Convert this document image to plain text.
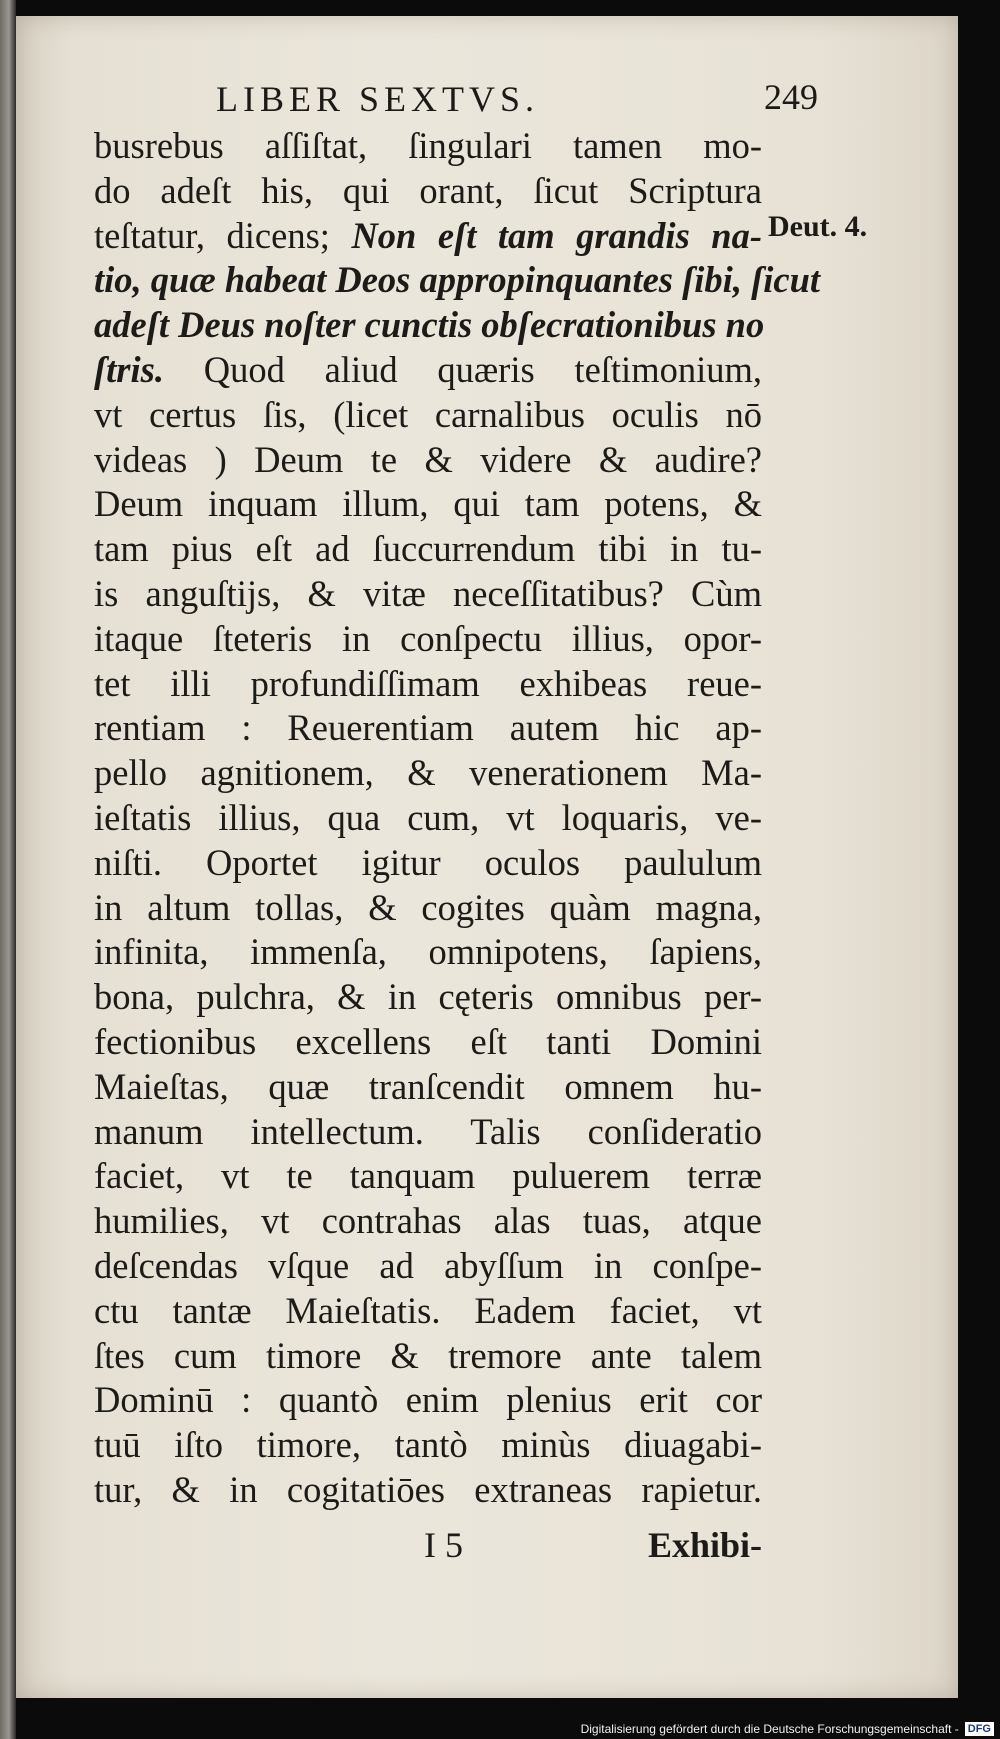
LIBER SEXTVS.	249
busrebus aſſiſtat, ſingulari tamen mo-
do adeſt his, qui orant, ſicut Scriptura
teſtatur, dicens; Non eſt tam grandis na-
tio, quæ habeat Deos appropinquantes ſibi, ſicut
adeſt Deus noſter cunctis obſecrationibus no
ſtris. Quod aliud quæris teſtimonium,
vt certus ſis, (licet carnalibus oculis nō
videas ) Deum te & videre & audire?
Deum inquam illum, qui tam potens, &
tam pius eſt ad ſuccurrendum tibi in tu-
is anguſtijs, & vitæ neceſſitatibus? Cùm
itaque ſteteris in conſpectu illius, opor-
tet illi profundiſſimam exhibeas reue-
rentiam : Reuerentiam autem hic ap-
pello agnitionem, & venerationem Ma-
ieſtatis illius, qua cum, vt loquaris, ve-
niſti. Oportet igitur oculos paululum
in altum tollas, & cogites quàm magna,
infinita, immenſa, omnipotens, ſapiens,
bona, pulchra, & in cęteris omnibus per-
fectionibus excellens eſt tanti Domini
Maieſtas, quæ tranſcendit omnem hu-
manum intellectum. Talis conſideratio
faciet, vt te tanquam puluerem terræ
humilies, vt contrahas alas tuas, atque
deſcendas vſque ad abyſſum in conſpe-
ctu tantæ Maieſtatis. Eadem faciet, vt
ſtes cum timore & tremore ante talem
Dominū : quantò enim plenius erit cor
tuū iſto timore, tantò minùs diuagabi-
tur, & in cogitatiōes extraneas rapietur.
Deut. 4.
I 5	Exhibi-
Digitalisierung gefördert durch die Deutsche Forschungsgemeinschaft - DFG
